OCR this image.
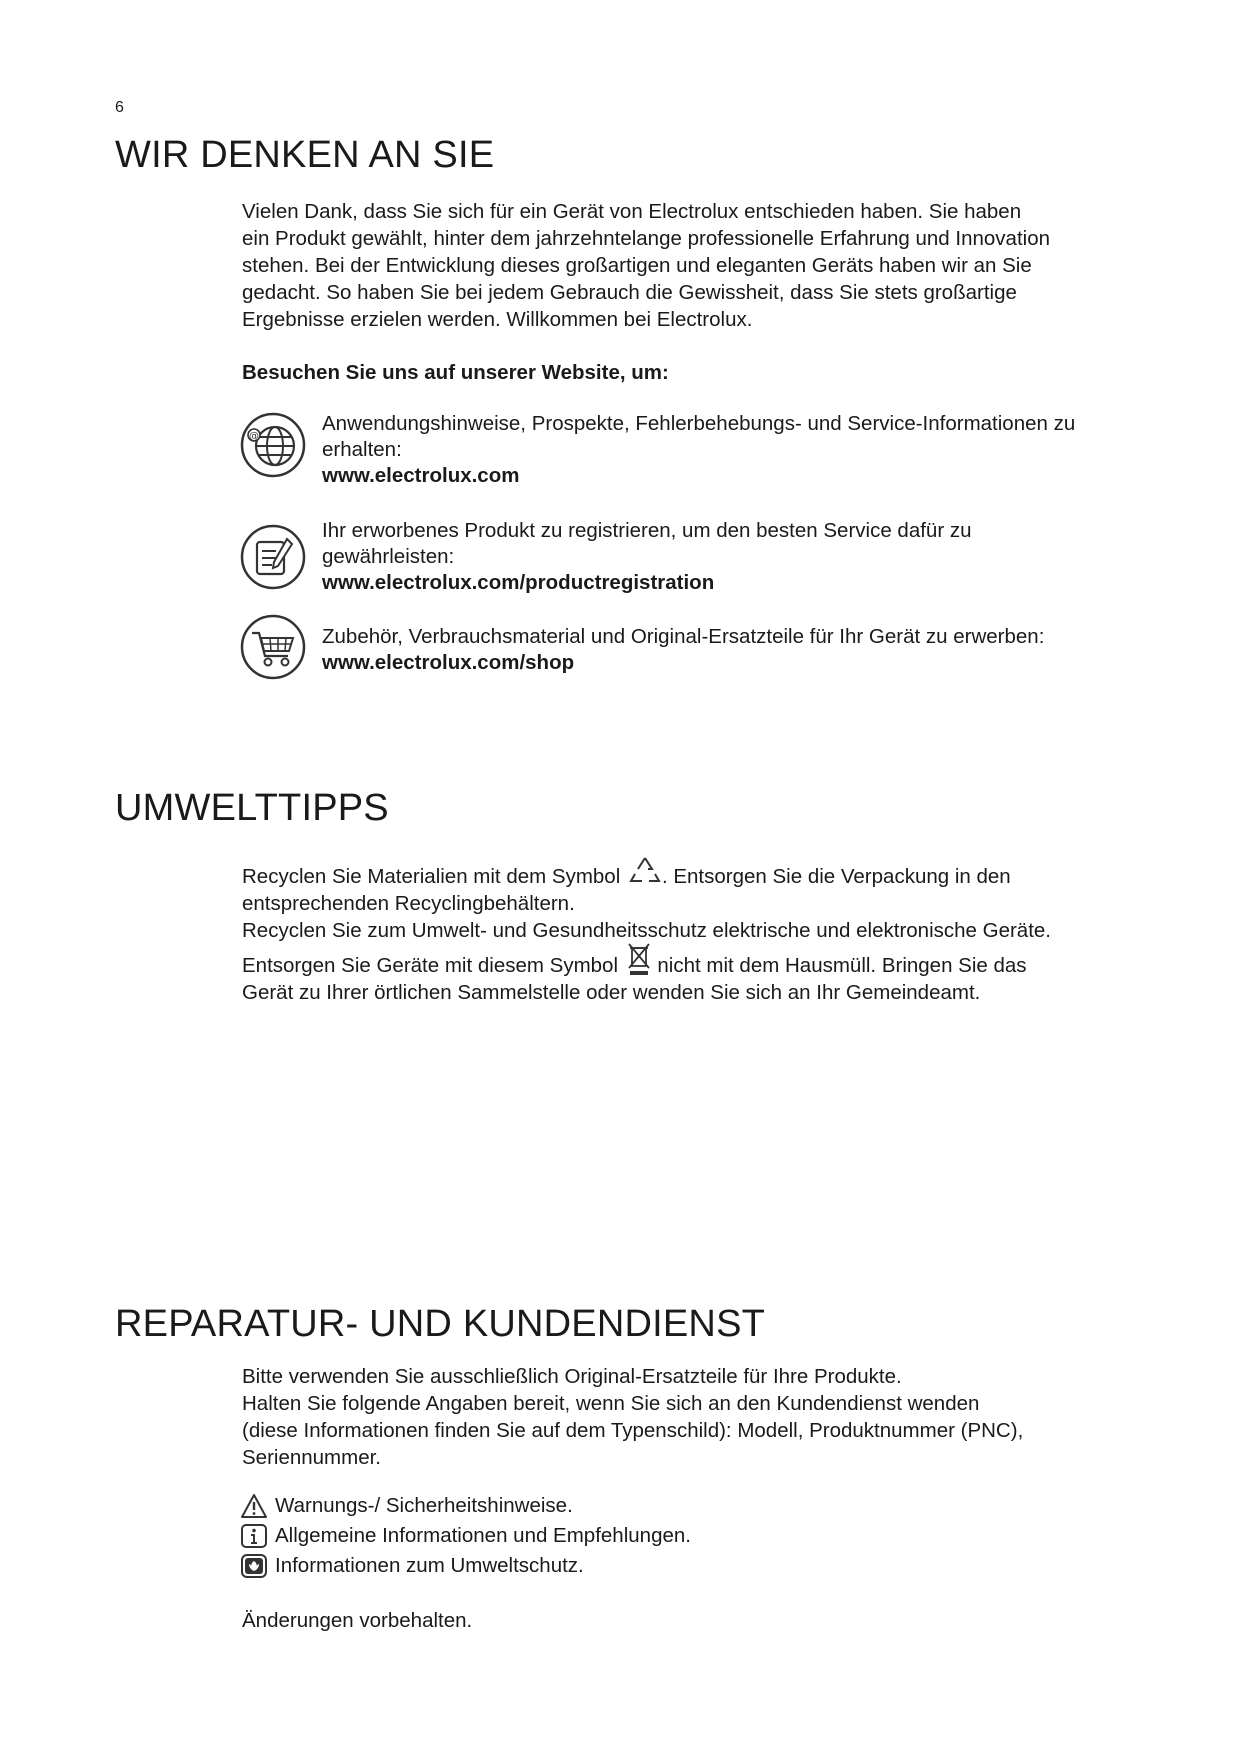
6
WIR DENKEN AN SIE
Vielen Dank, dass Sie sich für ein Gerät von Electrolux entschieden haben. Sie haben
ein Produkt gewählt, hinter dem jahrzehntelange professionelle Erfahrung und Innovation
stehen. Bei der Entwicklung dieses großartigen und eleganten Geräts haben wir an Sie
gedacht. So haben Sie bei jedem Gebrauch die Gewissheit, dass Sie stets großartige
Ergebnisse erzielen werden. Willkommen bei Electrolux.
Besuchen Sie uns auf unserer Website, um:
@
Anwendungshinweise, Prospekte, Fehlerbehebungs- und Service-Informationen zu
erhalten:
www.electrolux.com
Ihr erworbenes Produkt zu registrieren, um den besten Service dafür zu
gewährleisten:
www.electrolux.com/productregistration
Zubehör, Verbrauchsmaterial und Original-Ersatzteile für Ihr Gerät zu erwerben:
www.electrolux.com/shop
UMWELTTIPPS
Recyclen Sie Materialien mit dem Symbol . Entsorgen Sie die Verpackung in den
entsprechenden Recyclingbehältern.
Recyclen Sie zum Umwelt- und Gesundheitsschutz elektrische und elektronische Geräte.
Entsorgen Sie Geräte mit diesem Symbol  nicht mit dem Hausmüll. Bringen Sie das
Gerät zu Ihrer örtlichen Sammelstelle oder wenden Sie sich an Ihr Gemeindeamt.
REPARATUR- UND KUNDENDIENST
Bitte verwenden Sie ausschließlich Original-Ersatzteile für Ihre Produkte.
Halten Sie folgende Angaben bereit, wenn Sie sich an den Kundendienst wenden
(diese Informationen finden Sie auf dem Typenschild): Modell, Produktnummer (PNC),
Seriennummer.
Warnungs-/ Sicherheitshinweise.
Allgemeine Informationen und Empfehlungen.
Informationen zum Umweltschutz.
Änderungen vorbehalten.
